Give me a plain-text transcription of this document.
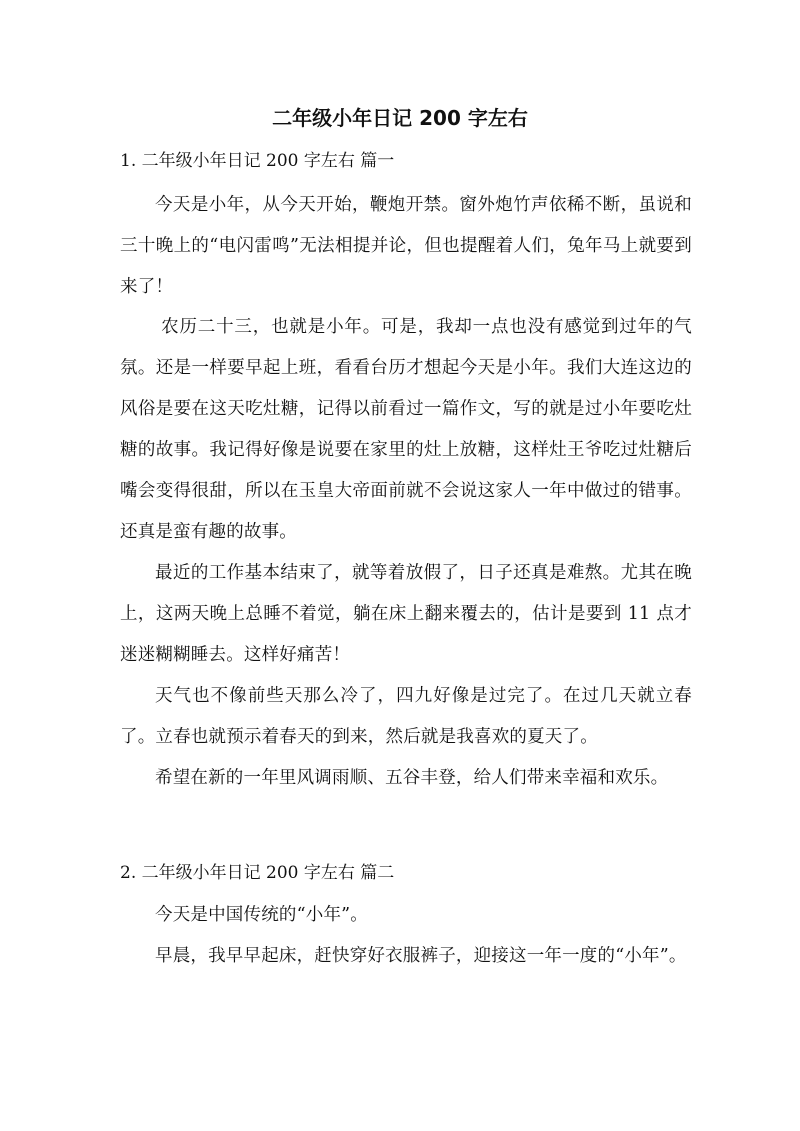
二年级小年日记 200 字左右

1. 二年级小年日记 200 字左右 篇一

今天是小年，从今天开始，鞭炮开禁。窗外炮竹声依稀不断，虽说和三十晚上的“电闪雷鸣”无法相提并论，但也提醒着人们，兔年马上就要到来了！

农历二十三，也就是小年。可是，我却一点也没有感觉到过年的气氛。还是一样要早起上班，看看台历才想起今天是小年。我们大连这边的风俗是要在这天吃灶糖，记得以前看过一篇作文，写的就是过小年要吃灶糖的故事。我记得好像是说要在家里的灶上放糖，这样灶王爷吃过灶糖后嘴会变得很甜，所以在玉皇大帝面前就不会说这家人一年中做过的错事。还真是蛮有趣的故事。

最近的工作基本结束了，就等着放假了，日子还真是难熬。尤其在晚上，这两天晚上总睡不着觉，躺在床上翻来覆去的，估计是要到 11 点才迷迷糊糊睡去。这样好痛苦！

天气也不像前些天那么冷了，四九好像是过完了。在过几天就立春了。立春也就预示着春天的到来，然后就是我喜欢的夏天了。

希望在新的一年里风调雨顺、五谷丰登，给人们带来幸福和欢乐。

2. 二年级小年日记 200 字左右 篇二

今天是中国传统的“小年”。

早晨，我早早起床，赶快穿好衣服裤子，迎接这一年一度的“小年”。
